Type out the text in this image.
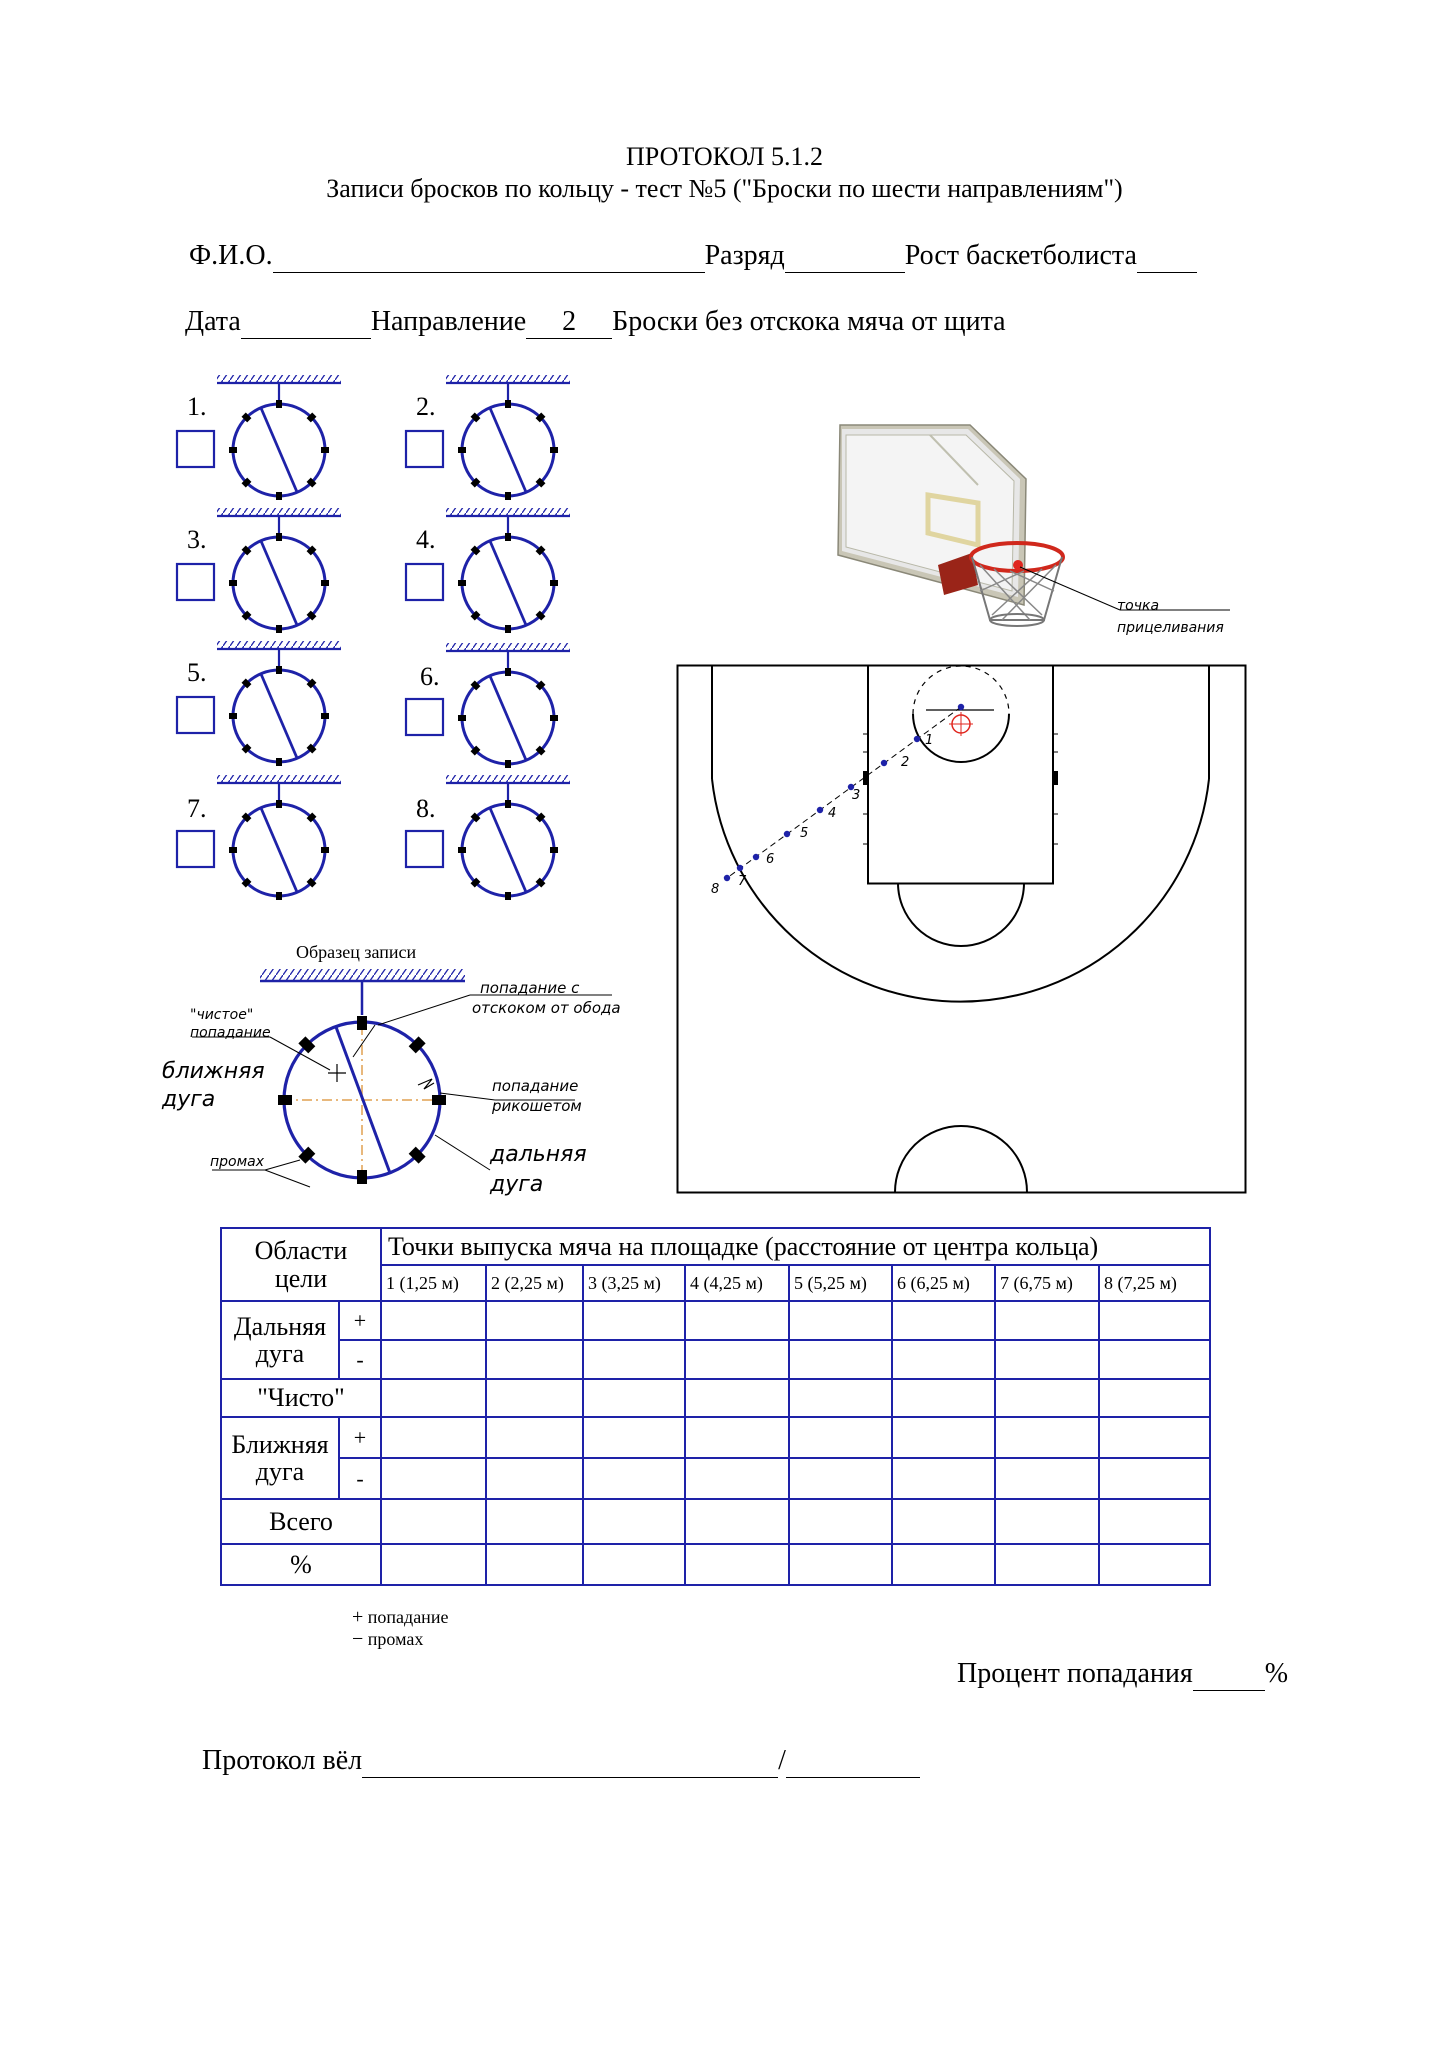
ПРОТОКОЛ 5.1.2
Записи бросков по кольцу - тест №5 ("Броски по шести направлениям")
Ф.И.О.	Разряд	Рост баскетболиста
Дата	Направление 2 Броски без отскока мяча от щита
1.	2.
3.	4.
5.	6.
7.	8.
Образец записи
"чистое"
попадание
ближняя
дуга
промах
попадание с
отскоком от обода
попадание
рикошетом
дальняя
дуга
точка
прицеливания
1
2
3
4
5
6
7
8
Области цели		Точки выпуска мяча на площадке (расстояние от центра кольца)							
		1 (1,25 м)	2 (2,25 м)	3 (3,25 м)	4 (4,25 м)	5 (5,25 м)	6 (6,25 м)	7 (6,75 м)	8 (7,25 м)
Дальняя дуга	+								
	-								
"Чисто"									
Ближняя дуга	+								
	-								
Всего									
%									
+ попадание
− промах
Процент попадания	%
Протокол вёл	/
